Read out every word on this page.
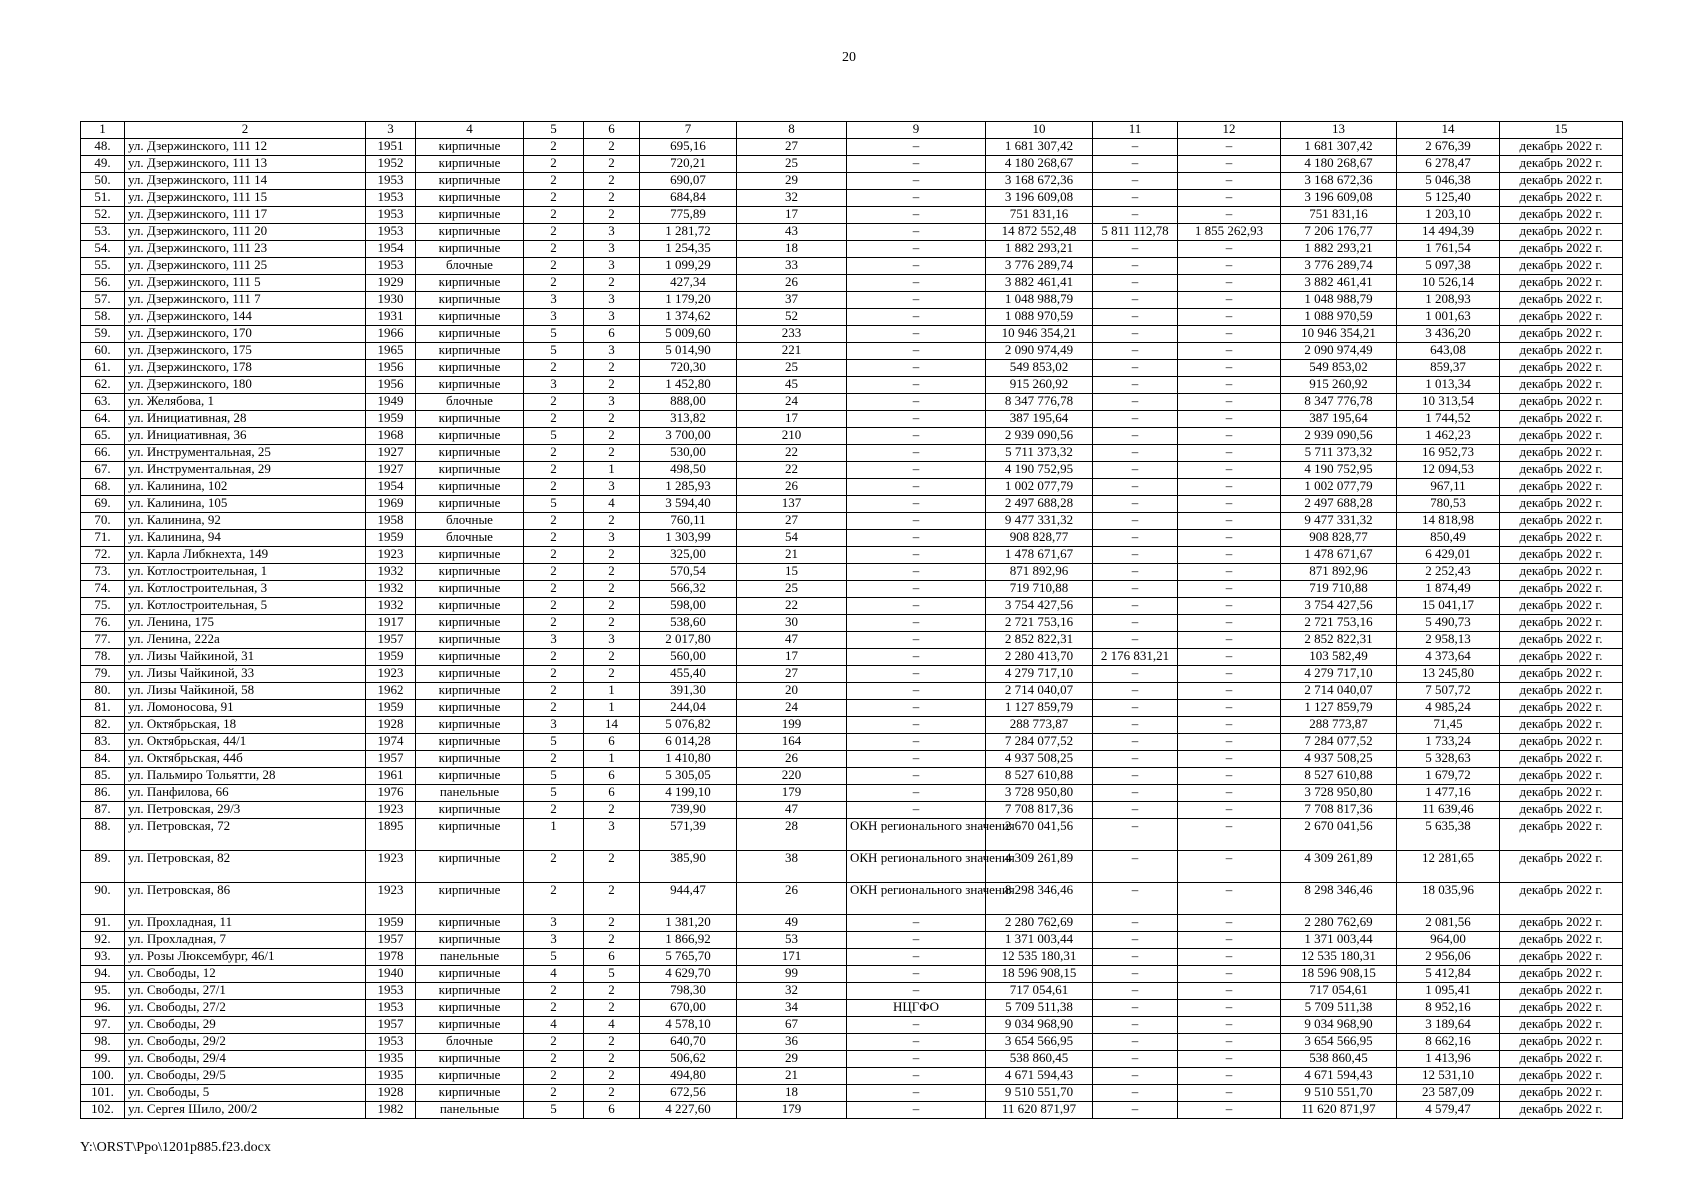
20
1	2	3	4	5	6	7	8	9	10	11	12	13	14	15
48.	ул. Дзержинского, 111 12	1951	кирпичные	2	2	695,16	27	–	1 681 307,42	–	–	1 681 307,42	2 676,39	декабрь 2022 г.
49.	ул. Дзержинского, 111 13	1952	кирпичные	2	2	720,21	25	–	4 180 268,67	–	–	4 180 268,67	6 278,47	декабрь 2022 г.
50.	ул. Дзержинского, 111 14	1953	кирпичные	2	2	690,07	29	–	3 168 672,36	–	–	3 168 672,36	5 046,38	декабрь 2022 г.
51.	ул. Дзержинского, 111 15	1953	кирпичные	2	2	684,84	32	–	3 196 609,08	–	–	3 196 609,08	5 125,40	декабрь 2022 г.
52.	ул. Дзержинского, 111 17	1953	кирпичные	2	2	775,89	17	–	751 831,16	–	–	751 831,16	1 203,10	декабрь 2022 г.
53.	ул. Дзержинского, 111 20	1953	кирпичные	2	3	1 281,72	43	–	14 872 552,48	5 811 112,78	1 855 262,93	7 206 176,77	14 494,39	декабрь 2022 г.
54.	ул. Дзержинского, 111 23	1954	кирпичные	2	3	1 254,35	18	–	1 882 293,21	–	–	1 882 293,21	1 761,54	декабрь 2022 г.
55.	ул. Дзержинского, 111 25	1953	блочные	2	3	1 099,29	33	–	3 776 289,74	–	–	3 776 289,74	5 097,38	декабрь 2022 г.
56.	ул. Дзержинского, 111 5	1929	кирпичные	2	2	427,34	26	–	3 882 461,41	–	–	3 882 461,41	10 526,14	декабрь 2022 г.
57.	ул. Дзержинского, 111 7	1930	кирпичные	3	3	1 179,20	37	–	1 048 988,79	–	–	1 048 988,79	1 208,93	декабрь 2022 г.
58.	ул. Дзержинского, 144	1931	кирпичные	3	3	1 374,62	52	–	1 088 970,59	–	–	1 088 970,59	1 001,63	декабрь 2022 г.
59.	ул. Дзержинского, 170	1966	кирпичные	5	6	5 009,60	233	–	10 946 354,21	–	–	10 946 354,21	3 436,20	декабрь 2022 г.
60.	ул. Дзержинского, 175	1965	кирпичные	5	3	5 014,90	221	–	2 090 974,49	–	–	2 090 974,49	643,08	декабрь 2022 г.
61.	ул. Дзержинского, 178	1956	кирпичные	2	2	720,30	25	–	549 853,02	–	–	549 853,02	859,37	декабрь 2022 г.
62.	ул. Дзержинского, 180	1956	кирпичные	3	2	1 452,80	45	–	915 260,92	–	–	915 260,92	1 013,34	декабрь 2022 г.
63.	ул. Желябова, 1	1949	блочные	2	3	888,00	24	–	8 347 776,78	–	–	8 347 776,78	10 313,54	декабрь 2022 г.
64.	ул. Инициативная, 28	1959	кирпичные	2	2	313,82	17	–	387 195,64	–	–	387 195,64	1 744,52	декабрь 2022 г.
65.	ул. Инициативная, 36	1968	кирпичные	5	2	3 700,00	210	–	2 939 090,56	–	–	2 939 090,56	1 462,23	декабрь 2022 г.
66.	ул. Инструментальная, 25	1927	кирпичные	2	2	530,00	22	–	5 711 373,32	–	–	5 711 373,32	16 952,73	декабрь 2022 г.
67.	ул. Инструментальная, 29	1927	кирпичные	2	1	498,50	22	–	4 190 752,95	–	–	4 190 752,95	12 094,53	декабрь 2022 г.
68.	ул. Калинина, 102	1954	кирпичные	2	3	1 285,93	26	–	1 002 077,79	–	–	1 002 077,79	967,11	декабрь 2022 г.
69.	ул. Калинина, 105	1969	кирпичные	5	4	3 594,40	137	–	2 497 688,28	–	–	2 497 688,28	780,53	декабрь 2022 г.
70.	ул. Калинина, 92	1958	блочные	2	2	760,11	27	–	9 477 331,32	–	–	9 477 331,32	14 818,98	декабрь 2022 г.
71.	ул. Калинина, 94	1959	блочные	2	3	1 303,99	54	–	908 828,77	–	–	908 828,77	850,49	декабрь 2022 г.
72.	ул. Карла Либкнехта, 149	1923	кирпичные	2	2	325,00	21	–	1 478 671,67	–	–	1 478 671,67	6 429,01	декабрь 2022 г.
73.	ул. Котлостроительная, 1	1932	кирпичные	2	2	570,54	15	–	871 892,96	–	–	871 892,96	2 252,43	декабрь 2022 г.
74.	ул. Котлостроительная, 3	1932	кирпичные	2	2	566,32	25	–	719 710,88	–	–	719 710,88	1 874,49	декабрь 2022 г.
75.	ул. Котлостроительная, 5	1932	кирпичные	2	2	598,00	22	–	3 754 427,56	–	–	3 754 427,56	15 041,17	декабрь 2022 г.
76.	ул. Ленина, 175	1917	кирпичные	2	2	538,60	30	–	2 721 753,16	–	–	2 721 753,16	5 490,73	декабрь 2022 г.
77.	ул. Ленина, 222а	1957	кирпичные	3	3	2 017,80	47	–	2 852 822,31	–	–	2 852 822,31	2 958,13	декабрь 2022 г.
78.	ул. Лизы Чайкиной, 31	1959	кирпичные	2	2	560,00	17	–	2 280 413,70	2 176 831,21	–	103 582,49	4 373,64	декабрь 2022 г.
79.	ул. Лизы Чайкиной, 33	1923	кирпичные	2	2	455,40	27	–	4 279 717,10	–	–	4 279 717,10	13 245,80	декабрь 2022 г.
80.	ул. Лизы Чайкиной, 58	1962	кирпичные	2	1	391,30	20	–	2 714 040,07	–	–	2 714 040,07	7 507,72	декабрь 2022 г.
81.	ул. Ломоносова, 91	1959	кирпичные	2	1	244,04	24	–	1 127 859,79	–	–	1 127 859,79	4 985,24	декабрь 2022 г.
82.	ул. Октябрьская, 18	1928	кирпичные	3	14	5 076,82	199	–	288 773,87	–	–	288 773,87	71,45	декабрь 2022 г.
83.	ул. Октябрьская, 44/1	1974	кирпичные	5	6	6 014,28	164	–	7 284 077,52	–	–	7 284 077,52	1 733,24	декабрь 2022 г.
84.	ул. Октябрьская, 44б	1957	кирпичные	2	1	1 410,80	26	–	4 937 508,25	–	–	4 937 508,25	5 328,63	декабрь 2022 г.
85.	ул. Пальмиро Тольятти, 28	1961	кирпичные	5	6	5 305,05	220	–	8 527 610,88	–	–	8 527 610,88	1 679,72	декабрь 2022 г.
86.	ул. Панфилова, 66	1976	панельные	5	6	4 199,10	179	–	3 728 950,80	–	–	3 728 950,80	1 477,16	декабрь 2022 г.
87.	ул. Петровская, 29/3	1923	кирпичные	2	2	739,90	47	–	7 708 817,36	–	–	7 708 817,36	11 639,46	декабрь 2022 г.
88.	ул. Петровская, 72	1895	кирпичные	1	3	571,39	28	ОКН регионального значения	2 670 041,56	–	–	2 670 041,56	5 635,38	декабрь 2022 г.
89.	ул. Петровская, 82	1923	кирпичные	2	2	385,90	38	ОКН регионального значения	4 309 261,89	–	–	4 309 261,89	12 281,65	декабрь 2022 г.
90.	ул. Петровская, 86	1923	кирпичные	2	2	944,47	26	ОКН регионального значения	8 298 346,46	–	–	8 298 346,46	18 035,96	декабрь 2022 г.
91.	ул. Прохладная, 11	1959	кирпичные	3	2	1 381,20	49	–	2 280 762,69	–	–	2 280 762,69	2 081,56	декабрь 2022 г.
92.	ул. Прохладная, 7	1957	кирпичные	3	2	1 866,92	53	–	1 371 003,44	–	–	1 371 003,44	964,00	декабрь 2022 г.
93.	ул. Розы Люксембург, 46/1	1978	панельные	5	6	5 765,70	171	–	12 535 180,31	–	–	12 535 180,31	2 956,06	декабрь 2022 г.
94.	ул. Свободы, 12	1940	кирпичные	4	5	4 629,70	99	–	18 596 908,15	–	–	18 596 908,15	5 412,84	декабрь 2022 г.
95.	ул. Свободы, 27/1	1953	кирпичные	2	2	798,30	32	–	717 054,61	–	–	717 054,61	1 095,41	декабрь 2022 г.
96.	ул. Свободы, 27/2	1953	кирпичные	2	2	670,00	34	НЦГФО	5 709 511,38	–	–	5 709 511,38	8 952,16	декабрь 2022 г.
97.	ул. Свободы, 29	1957	кирпичные	4	4	4 578,10	67	–	9 034 968,90	–	–	9 034 968,90	3 189,64	декабрь 2022 г.
98.	ул. Свободы, 29/2	1953	блочные	2	2	640,70	36	–	3 654 566,95	–	–	3 654 566,95	8 662,16	декабрь 2022 г.
99.	ул. Свободы, 29/4	1935	кирпичные	2	2	506,62	29	–	538 860,45	–	–	538 860,45	1 413,96	декабрь 2022 г.
100.	ул. Свободы, 29/5	1935	кирпичные	2	2	494,80	21	–	4 671 594,43	–	–	4 671 594,43	12 531,10	декабрь 2022 г.
101.	ул. Свободы, 5	1928	кирпичные	2	2	672,56	18	–	9 510 551,70	–	–	9 510 551,70	23 587,09	декабрь 2022 г.
102.	ул. Сергея Шило, 200/2	1982	панельные	5	6	4 227,60	179	–	11 620 871,97	–	–	11 620 871,97	4 579,47	декабрь 2022 г.
Y:\ORST\Ppo\1201p885.f23.docx
